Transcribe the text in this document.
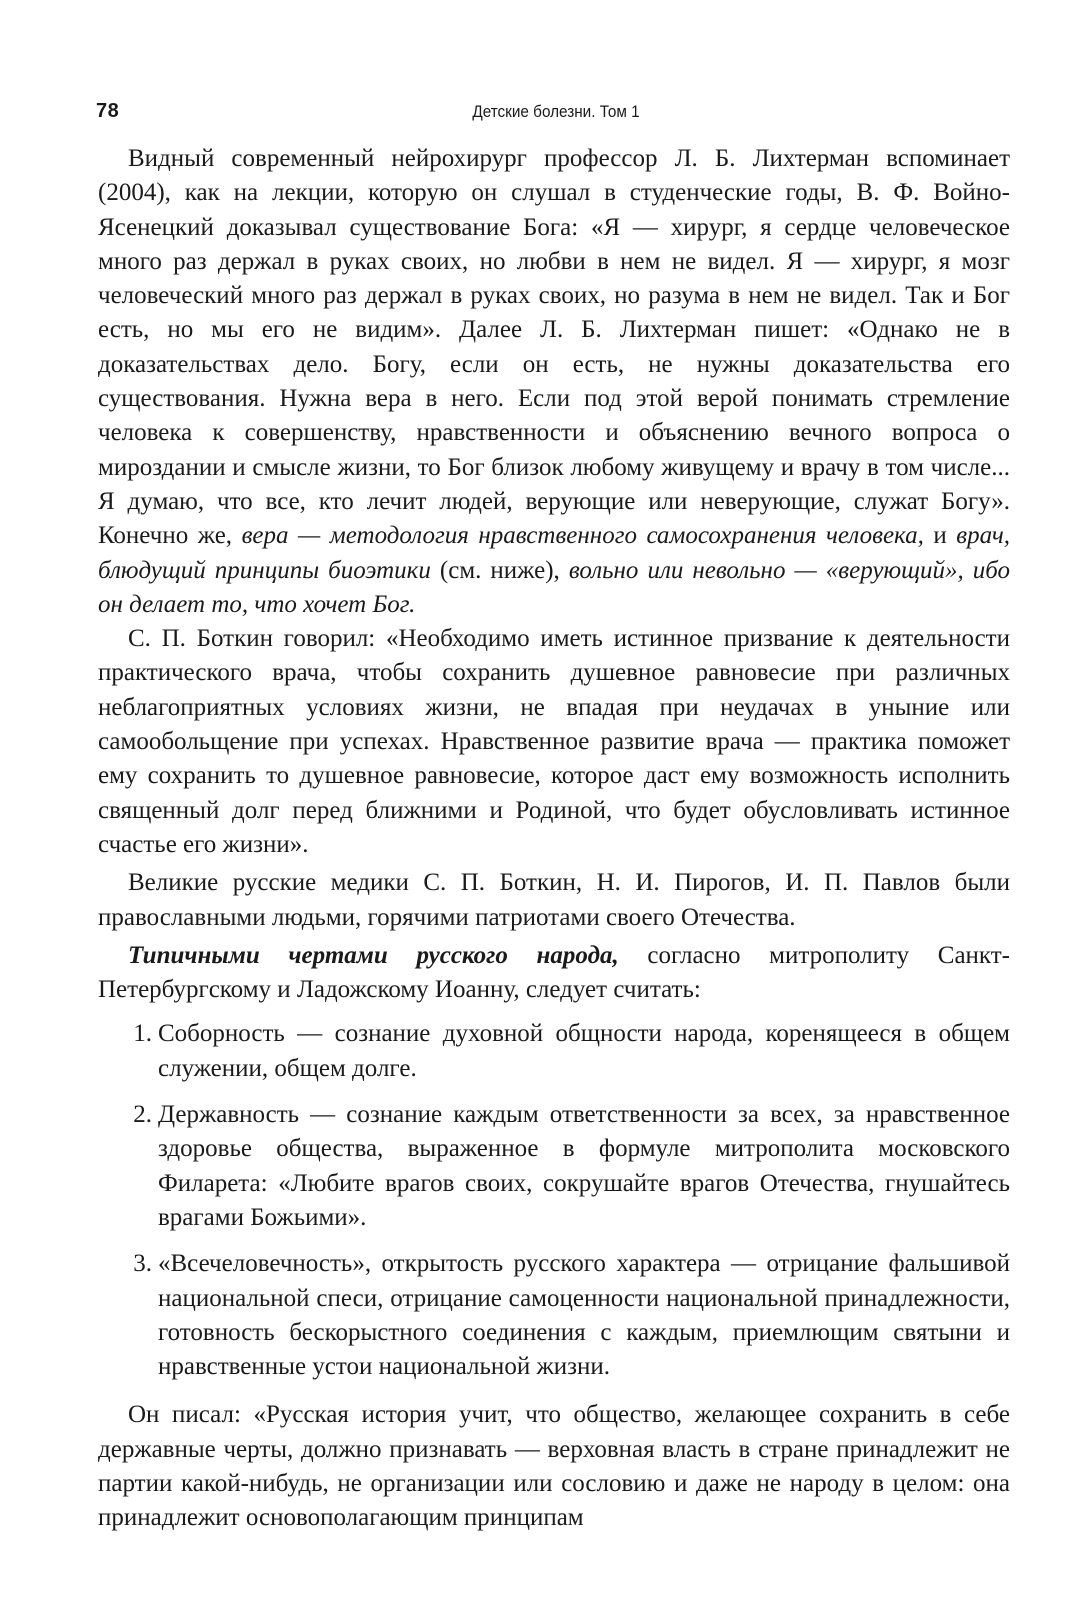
78	Детские болезни. Том 1

Видный современный нейрохирург профессор Л. Б. Лихтерман вспоминает (2004), как на лекции, которую он слушал в студенческие годы, В. Ф. Войно-Ясенецкий доказывал существование Бога: «Я — хирург, я сердце человеческое много раз держал в руках своих, но любви в нем не видел. Я — хирург, я мозг человеческий много раз держал в руках своих, но разума в нем не видел. Так и Бог есть, но мы его не видим». Далее Л. Б. Лихтерман пишет: «Однако не в доказательствах дело. Богу, если он есть, не нужны доказательства его существования. Нужна вера в него. Если под этой верой понимать стремление человека к совершенству, нравственности и объяснению вечного вопроса о мироздании и смысле жизни, то Бог близок любому живущему и врачу в том числе... Я думаю, что все, кто лечит людей, верующие или неверующие, служат Богу». Конечно же, вера — методология нравственного самосохранения человека, и врач, блюдущий принципы биоэтики (см. ниже), вольно или невольно — «верующий», ибо он делает то, что хочет Бог.

С. П. Боткин говорил: «Необходимо иметь истинное призвание к деятельности практического врача, чтобы сохранить душевное равновесие при различных неблагоприятных условиях жизни, не впадая при неудачах в уныние или самообольщение при успехах. Нравственное развитие врача — практика поможет ему сохранить то душевное равновесие, которое даст ему возможность исполнить священный долг перед ближними и Родиной, что будет обусловливать истинное счастье его жизни».

Великие русские медики С. П. Боткин, Н. И. Пирогов, И. П. Павлов были православными людьми, горячими патриотами своего Отечества.

Типичными чертами русского народа, согласно митрополиту Санкт-Петербургскому и Ладожскому Иоанну, следует считать:

1. Соборность — сознание духовной общности народа, коренящееся в общем служении, общем долге.
2. Державность — сознание каждым ответственности за всех, за нравственное здоровье общества, выраженное в формуле митрополита московского Филарета: «Любите врагов своих, сокрушайте врагов Отечества, гнушайтесь врагами Божьими».
3. «Всечеловечность», открытость русского характера — отрицание фальшивой национальной спеси, отрицание самоценности национальной принадлежности, готовность бескорыстного соединения с каждым, приемлющим святыни и нравственные устои национальной жизни.

Он писал: «Русская история учит, что общество, желающее сохранить в себе державные черты, должно признавать — верховная власть в стране принадлежит не партии какой-нибудь, не организации или сословию и даже не народу в целом: она принадлежит основополагающим принципам
